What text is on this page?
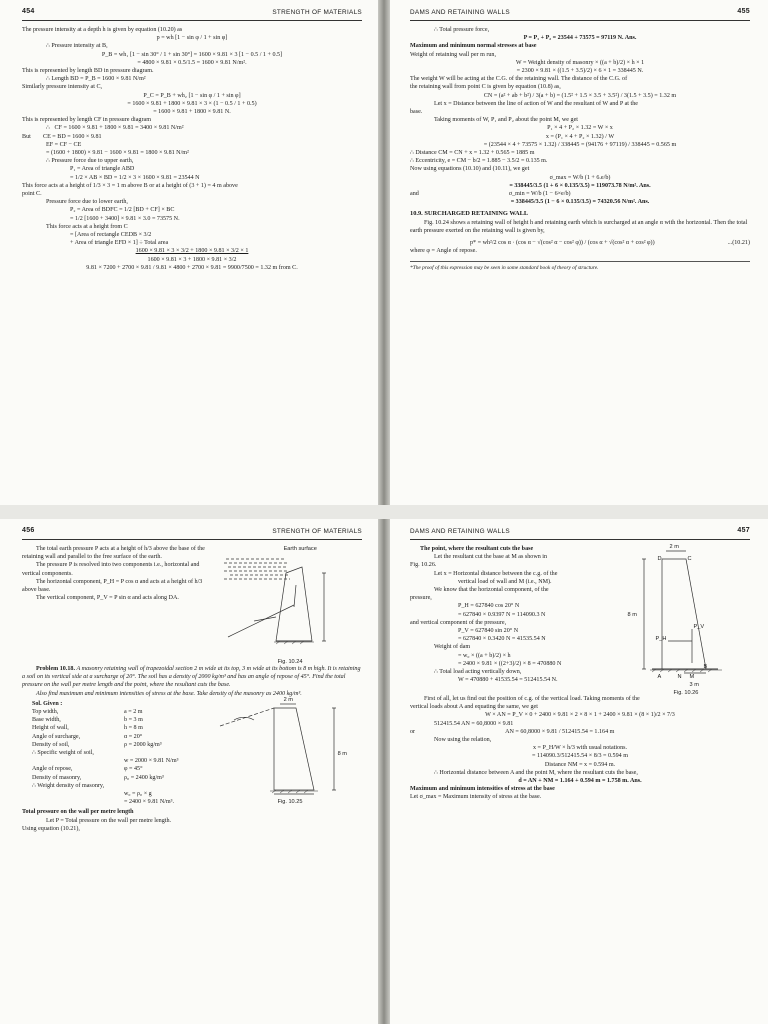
454	STRENGTH OF MATERIALS

The pressure intensity at a depth h is given by equation (10.20) as

p = wh [1 − sin φ / 1 + sin φ]

∴ Pressure intensity at B,

P_B = wh₁ [1 − sin 30° / 1 + sin 30°] = 1600 × 9.81 × 3 [1 − 0.5 / 1 + 0.5]

= 4800 × 9.81 × 0.5/1.5 = 1600 × 9.81 N/m².

This is represented by length BD in pressure diagram.

∴ Length BD = P_B = 1600 × 9.81 N/m²

Similarly pressure intensity at C,

P_C = P_B + wh₂ [1 − sin φ / 1 + sin φ]

= 1600 × 9.81 + 1800 × 9.81 × 3 × (1 − 0.5 / 1 + 0.5)

= 1600 × 9.81 + 1800 × 9.81 N.

This is represented by length CF in pressure diagram

∴ CF = 1600 × 9.81 + 1800 × 9.81 = 3400 × 9.81 N/m²

But CE = BD = 1600 × 9.81

EF = CF − CE

= (1600 + 1800) × 9.81 − 1600 × 9.81 = 1800 × 9.81 N/m²

∴ Pressure force due to upper earth,

P₁ = Area of triangle ABD

= 1/2 × AB × BD = 1/2 × 3 × 1600 × 9.81 = 23544 N

This force acts at a height of 1/3 × 3 = 1 m above B or at a height of (3 + 1) = 4 m above

point C.

Pressure force due to lower earth,

P₂ = Area of BDFC = 1/2 [BD + CF] × BC

= 1/2 [1600 + 3400] × 9.81 × 3.0 = 73575 N.

This force acts at a height from C

= [Area of rectangle CEDB × 3/2

+ Area of triangle EFD × 1] ÷ Total area

1600 × 9.81 × 3 × 3/2 + 1800 × 9.81 × 3/2 × 1

1600 × 9.81 × 3 + 1800 × 9.81 × 3/2

9.81 × 7200 + 2700 × 9.81 / 9.81 × 4800 + 2700 × 9.81 = 9900/7500 = 1.32 m from C.

DAMS AND RETAINING WALLS	455

∴ Total pressure force,

P = P₁ + P₂ = 23544 + 73575 = 97119 N. Ans.

Maximum and minimum normal stresses at base

Weight of retaining wall per m run,

W = Weight density of masonry × ((a + b)/2) × h × 1

= 2300 × 9.81 × ((1.5 + 3.5)/2) × 6 × 1 = 338445 N.

The weight W will be acting at the C.G. of the retaining wall. The distance of the C.G. of

the retaining wall from point C is given by equation (10.8) as,

CN = (a² + ab + b²) / 3(a + b) = (1.5² + 1.5 × 3.5 + 3.5²) / 3(1.5 + 3.5) = 1.32 m

Let x = Distance between the line of action of W and the resultant of W and P at the

base.

Taking moments of W, P₁ and P₂ about the point M, we get

P₁ × 4 + P₂ × 1.32 = W × x

x = (P₁ × 4 + P₂ × 1.32) / W

= (23544 × 4 + 73575 × 1.32) / 338445 = (94176 + 97119) / 338445 = 0.565 m

∴ Distance CM = CN + x = 1.32 + 0.565 = 1885 m

∴ Eccentricity, e = CM − b/2 = 1.885 − 3.5/2 = 0.135 m.

Now using equations (10.10) and (10.11), we get

σ_max = W/b (1 + 6.e/b)

= 338445/3.5 (1 + 6 × 0.135/3.5) = 119073.78 N/m². Ans.

and	σ_min = W/b (1 − 6×e/b)

= 338445/3.5 (1 − 6 × 0.135/3.5) = 74320.56 N/m². Ans.

10.9. SURCHARGED RETAINING WALL

Fig. 10.24 shows a retaining wall of height h and retaining earth which is surcharged at an angle α with the horizontal. Then the total earth pressure exerted on the retaining wall is given by,

p* = wh²/2 cos α · (cos α − √(cos² α − cos² φ)) / (cos α + √(cos² α + cos² φ))	...(10.21)

where φ = Angle of repose.

*The proof of this expression may be seen in some standard book of theory of structure.

456	STRENGTH OF MATERIALS

The total earth pressure P acts at a height of h/3 above the base of the retaining wall and parallel to the free surface of the earth.

The pressure P is resolved into two components i.e., horizontal and vertical components.

The horizontal component, P_H = P cos α and acts at a height of h/3 above base.

The vertical component, P_V = P sin α and acts along DA.

Earth surface
Fig. 10.24

Problem 10.18. A masonry retaining wall of trapezoidal section 2 m wide at its top, 3 m wide at its bottom is 8 m high. It is retaining a soil on its vertical side at a surcharge of 20°. The soil has a density of 2000 kg/m³ and has an angle of repose of 45°. Find the total pressure on the wall per metre length and the point, where the resultant cuts the base.

Also find maximum and minimum intensities of stress at the base. Take density of the masonry as 2400 kg/m³.

Sol. Given :

Top width,	a = 2 m

Base width,	b = 3 m

Height of wall,	h = 8 m

Angle of surcharge,	α = 20°

Density of soil,	ρ = 2000 kg/m³

∴ Specific weight of soil,

w = 2000 × 9.81 N/m³

Angle of repose,	φ = 45°

Density of masonry,	ρ₀ = 2400 kg/m³

∴ Weight density of masonry,

w₀ = ρ₀ × g

= 2400 × 9.81 N/m³.

8 m
2 m
Fig. 10.25

Total pressure on the wall per metre length

Let P = Total pressure on the wall per metre length.

Using equation (10.21),

DAMS AND RETAINING WALLS	457

The point, where the resultant cuts the base

Let the resultant cut the base at M as shown in

Fig. 10.26.

Let x = Horizontal distance between the c.g. of the

vertical load of wall and M (i.e., NM).

We know that the horizontal component, of the

pressure,

P_H = 627840 cos 20° N

= 627840 × 0.9397 N = 114090.3 N

and vertical component of the pressure,

P_V = 627840 sin 20° N

= 627840 × 0.3420 N = 41535.54 N

Weight of dam

= w₀ × ((a + b)/2) × h

= 2400 × 9.81 × ((2+3)/2) × 8 = 470880 N

∴ Total load acting vertically down,

W = 470880 + 41535.54 = 512415.54 N.

2 m
D	C
8 m
P_V
P_H
A	N M
B
3 m
Fig. 10.26

First of all, let us find out the position of c.g. of the vertical load. Taking moments of the

vertical loads about A and equating the same, we get

W × AN = P_V × 0 + 2400 × 9.81 × 2 × 8 × 1 + 2400 × 9.81 × (8 × 1)/2 × 7/3

512415.54 AN = 60,8000 × 9.81

or	AN = 60,8000 × 9.81 / 512415.54 = 1.164 m

Now using the relation,

x = P_H/W × h/3 with usual notations.

= 114090.3/512415.54 × 8/3 = 0.594 m

Distance NM = x = 0.594 m.

∴ Horizontal distance between A and the point M, where the resultant cuts the base,

d = AN + NM = 1.164 + 0.594 m = 1.758 m. Ans.

Maximum and minimum intensities of stress at the base

Let σ_max = Maximum intensity of stress at the base.
